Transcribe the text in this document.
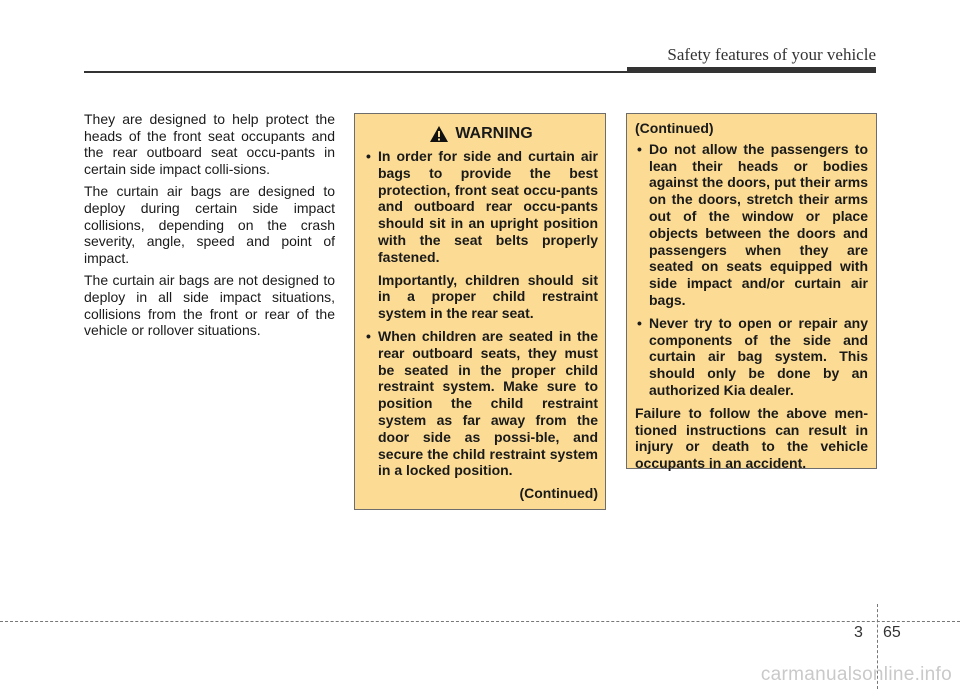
Safety features of your vehicle

They are designed to help protect the heads of the front seat occupants and the rear outboard seat occu-pants in certain side impact colli-sions.

The curtain air bags are designed to deploy during certain side impact collisions, depending on the crash severity, angle, speed and point of impact.

The curtain air bags are not designed to deploy in all side impact situations, collisions from the front or rear of the vehicle or rollover situations.

WARNING
• In order for side and curtain air bags to provide the best protection, front seat occu-pants and outboard rear occu-pants should sit in an upright position with the seat belts properly fastened.

Importantly, children should sit in a proper child restraint system in the rear seat.

• When children are seated in the rear outboard seats, they must be seated in the proper child restraint system. Make sure to position the child restraint system as far away from the door side as possi-ble, and secure the child restraint system in a locked position.
(Continued)
(Continued)
• Do not allow the passengers to lean their heads or bodies against the doors, put their arms on the doors, stretch their arms out of the window or place objects between the doors and passengers when they are seated on seats equipped with side impact and/or curtain air bags.
• Never try to open or repair any components of the side and curtain air bag system. This should only be done by an authorized Kia dealer.

Failure to follow the above men-tioned instructions can result in injury or death to the vehicle occupants in an accident.

3 65
carmanualsonline.info
